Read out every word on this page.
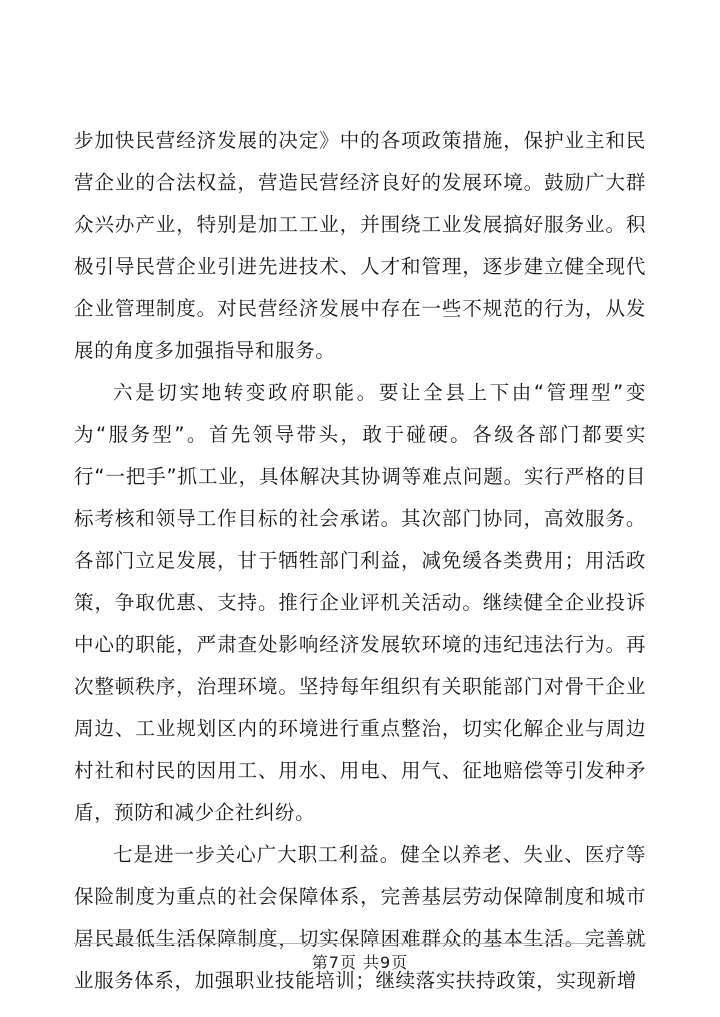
步加快民营经济发展的决定》中的各项政策措施，保护业主和民营企业的合法权益，营造民营经济良好的发展环境。鼓励广大群众兴办产业，特别是加工工业，并围绕工业发展搞好服务业。积极引导民营企业引进先进技术、人才和管理，逐步建立健全现代企业管理制度。对民营经济发展中存在一些不规范的行为，从发展的角度多加强指导和服务。

六是切实地转变政府职能。要让全县上下由“管理型”变为“服务型”。首先领导带头，敢于碰硬。各级各部门都要实行“一把手”抓工业，具体解决其协调等难点问题。实行严格的目标考核和领导工作目标的社会承诺。其次部门协同，高效服务。各部门立足发展，甘于牺牲部门利益，减免缓各类费用；用活政策，争取优惠、支持。推行企业评机关活动。继续健全企业投诉中心的职能，严肃查处影响经济发展软环境的违纪违法行为。再次整顿秩序，治理环境。坚持每年组织有关职能部门对骨干企业周边、工业规划区内的环境进行重点整治，切实化解企业与周边村社和村民的因用工、用水、用电、用气、征地赔偿等引发种矛盾，预防和减少企社纠纷。

七是进一步关心广大职工利益。健全以养老、失业、医疗等保险制度为重点的社会保障体系，完善基层劳动保障制度和城市居民最低生活保障制度，切实保障困难群众的基本生活。完善就业服务体系，加强职业技能培训；继续落实扶持政策，实现新增

第7页 共9页
